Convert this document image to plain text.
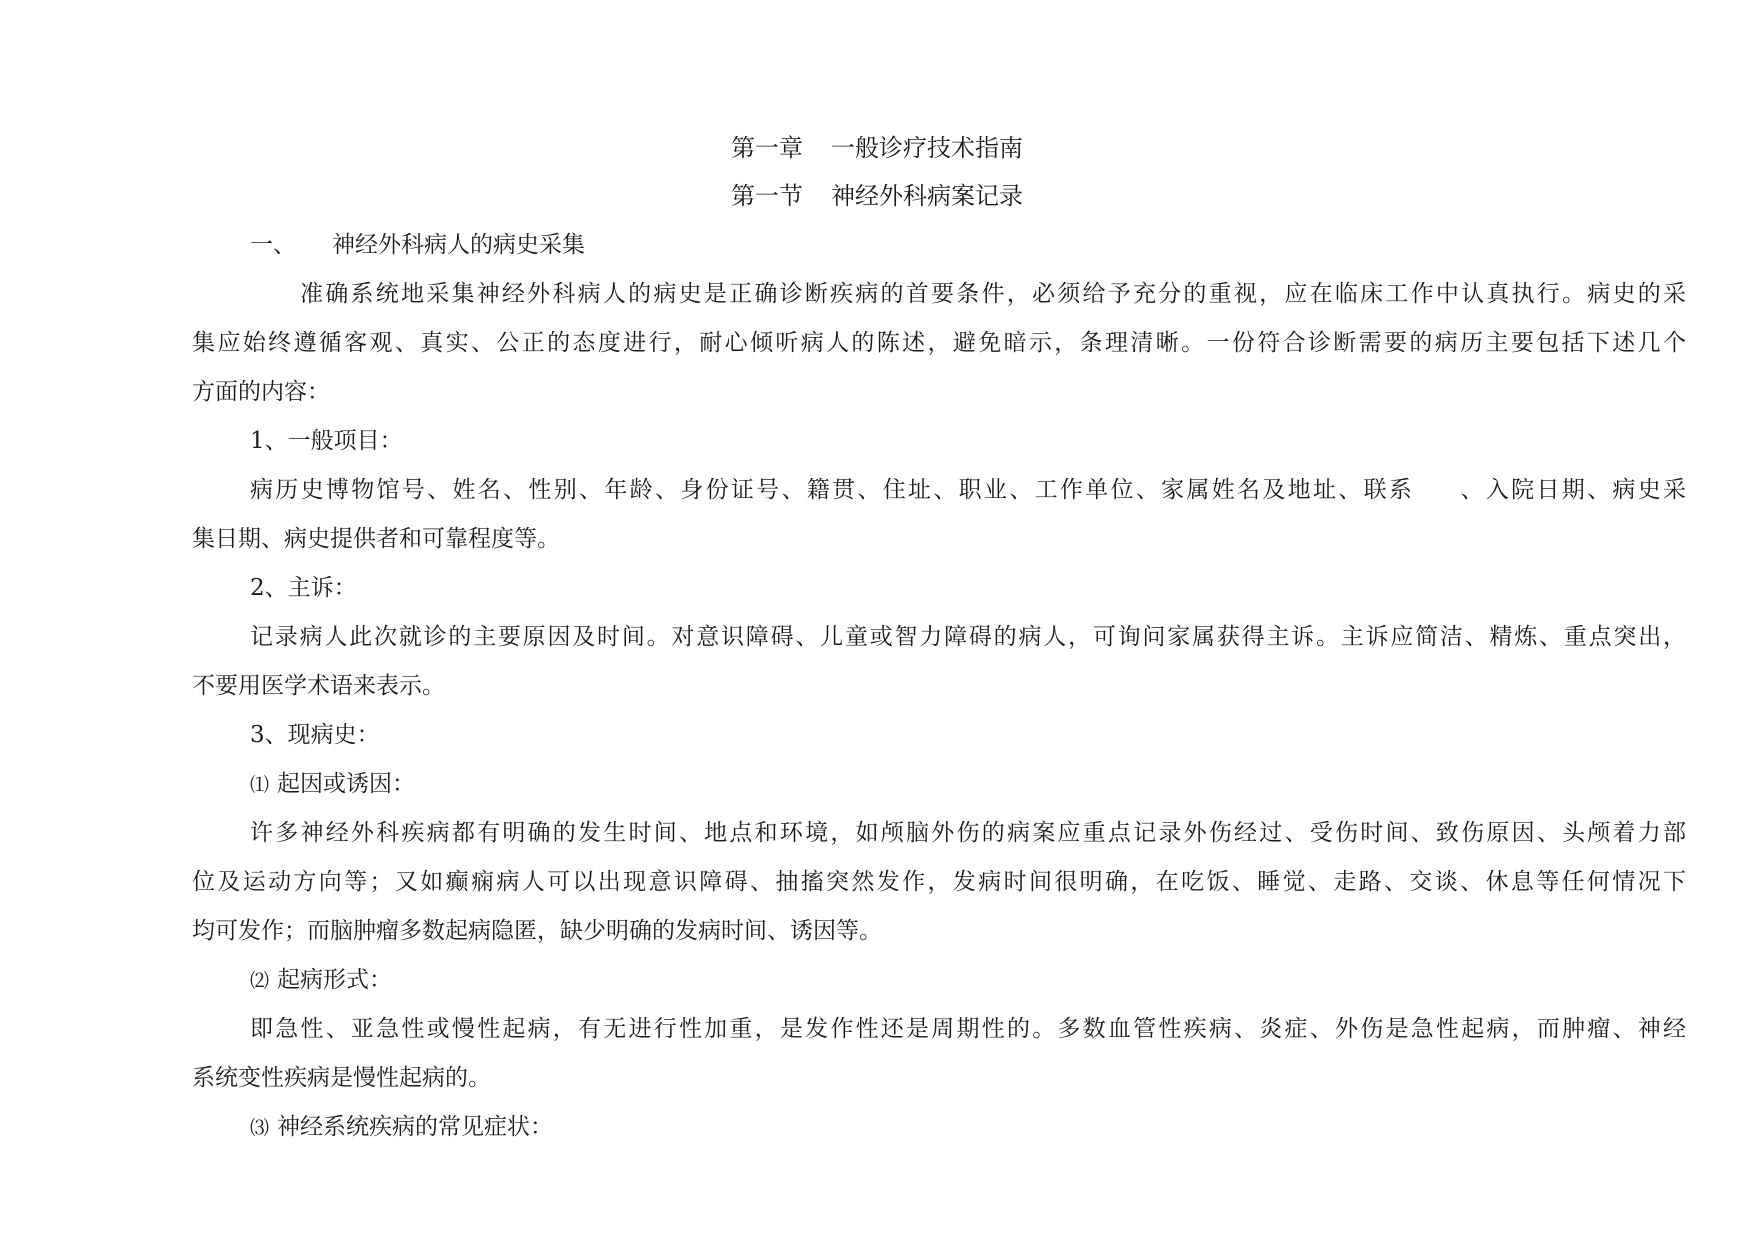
第一章 一般诊疗技术指南
第一节 神经外科病案记录
一、 神经外科病人的病史采集
准确系统地采集神经外科病人的病史是正确诊断疾病的首要条件，必须给予充分的重视，应在临床工作中认真执行。病史的采
集应始终遵循客观、真实、公正的态度进行，耐心倾听病人的陈述，避免暗示，条理清晰。一份符合诊断需要的病历主要包括下述几个
方面的内容：
1、一般项目：
病历史博物馆号、姓名、性别、年龄、身份证号、籍贯、住址、职业、工作单位、家属姓名及地址、联系 、入院日期、病史采
集日期、病史提供者和可靠程度等。
2、主诉：
记录病人此次就诊的主要原因及时间。对意识障碍、儿童或智力障碍的病人，可询问家属获得主诉。主诉应简洁、精炼、重点突出，
不要用医学术语来表示。
3、现病史：
⑴ 起因或诱因：
许多神经外科疾病都有明确的发生时间、地点和环境，如颅脑外伤的病案应重点记录外伤经过、受伤时间、致伤原因、头颅着力部
位及运动方向等；又如癫痫病人可以出现意识障碍、抽搐突然发作，发病时间很明确，在吃饭、睡觉、走路、交谈、休息等任何情况下
均可发作；而脑肿瘤多数起病隐匿，缺少明确的发病时间、诱因等。
⑵ 起病形式：
即急性、亚急性或慢性起病，有无进行性加重，是发作性还是周期性的。多数血管性疾病、炎症、外伤是急性起病，而肿瘤、神经
系统变性疾病是慢性起病的。
⑶ 神经系统疾病的常见症状：
